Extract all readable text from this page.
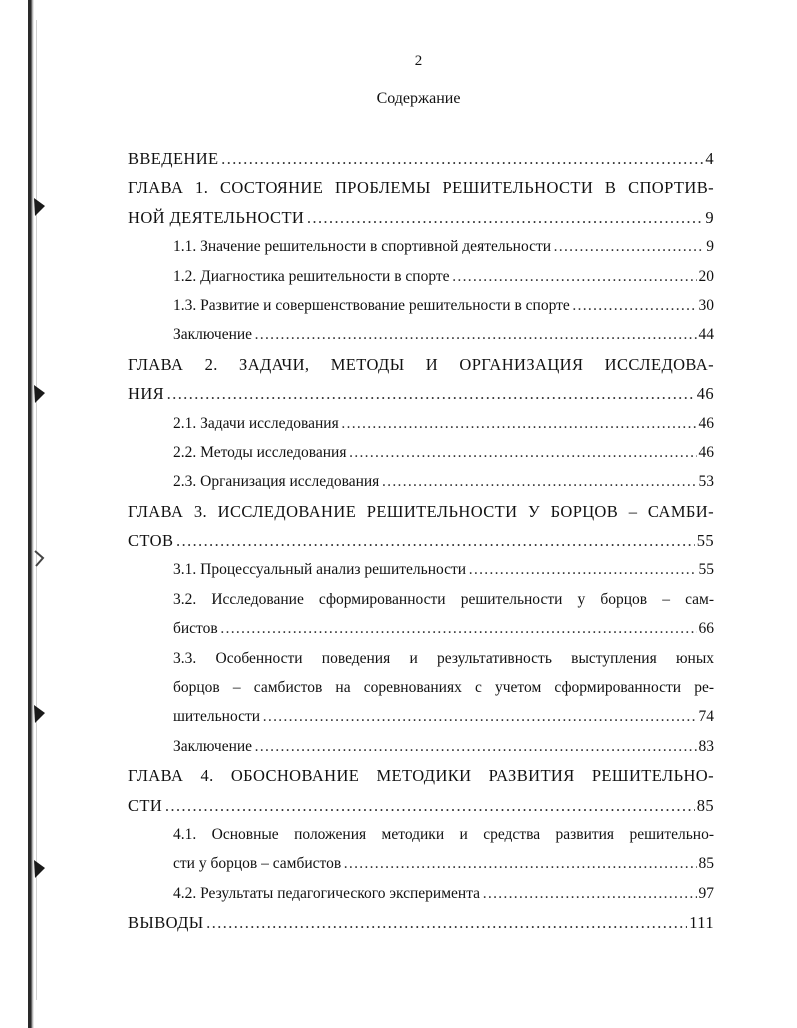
2
Содержание
ВВЕДЕНИЕ ……………………………………………………………………………………………………………………………………	4
ГЛАВА 1. СОСТОЯНИЕ ПРОБЛЕМЫ РЕШИТЕЛЬНОСТИ В СПОРТИВ-
НОЙ ДЕЯТЕЛЬНОСТИ ……………………………………………………………………………………………………………………………………	9
1.1. Значение решительности в спортивной деятельности ……………………………………………………………………………………………………………………………………	9
1.2. Диагностика решительности в спорте ……………………………………………………………………………………………………………………………………	20
1.3. Развитие и совершенствование решительности в спорте ……………………………………………………………………………………………………………………………………	30
Заключение ……………………………………………………………………………………………………………………………………	44
ГЛАВА 2. ЗАДАЧИ, МЕТОДЫ И ОРГАНИЗАЦИЯ ИССЛЕДОВА-
НИЯ ……………………………………………………………………………………………………………………………………	46
2.1. Задачи исследования ……………………………………………………………………………………………………………………………………	46
2.2. Методы исследования ……………………………………………………………………………………………………………………………………	46
2.3. Организация исследования ……………………………………………………………………………………………………………………………………	53
ГЛАВА 3. ИССЛЕДОВАНИЕ РЕШИТЕЛЬНОСТИ У БОРЦОВ – САМБИ-
СТОВ ……………………………………………………………………………………………………………………………………	55
3.1. Процессуальный анализ решительности ……………………………………………………………………………………………………………………………………	55
3.2. Исследование сформированности решительности у борцов – сам-
бистов ……………………………………………………………………………………………………………………………………	66
3.3. Особенности поведения и результативность выступления юных
борцов – самбистов на соревнованиях с учетом сформированности ре-
шительности ……………………………………………………………………………………………………………………………………	74
Заключение ……………………………………………………………………………………………………………………………………	83
ГЛАВА 4. ОБОСНОВАНИЕ МЕТОДИКИ РАЗВИТИЯ РЕШИТЕЛЬНО-
СТИ ……………………………………………………………………………………………………………………………………	85
4.1. Основные положения методики и средства развития решительно-
сти у борцов – самбистов ……………………………………………………………………………………………………………………………………	85
4.2. Результаты педагогического эксперимента ……………………………………………………………………………………………………………………………………	97
ВЫВОДЫ ……………………………………………………………………………………………………………………………………	111
